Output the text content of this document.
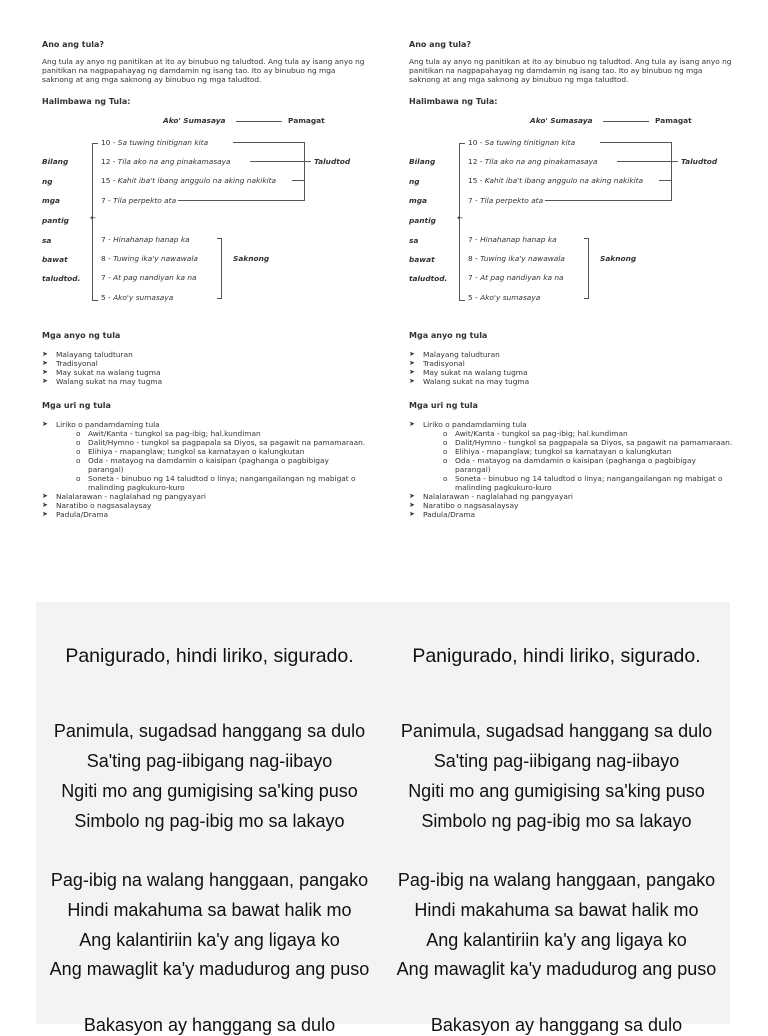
Ano ang tula?
Ang tula ay anyo ng panitikan at ito ay binubuo ng taludtod. Ang tula ay isang anyo ng
panitikan na nagpapahayag ng damdamin ng isang tao. Ito ay binubuo ng mga
saknong at ang mga saknong ay binubuo ng mga taludtod.
Halimbawa ng Tula:
Ako' Sumasaya	Pamagat
←
Bilang
ng
mga
pantig
sa
bawat
taludtod.
10 - Sa tuwing tinitignan kita
12 - Tila ako na ang pinakamasaya
15 - Kahit iba't ibang anggulo na aking nakikita
7 - Tila perpekto ata
7 - Hinahanap hanap ka
8 - Tuwing ika'y nawawala
7 - At pag nandiyan ka na
5 - Ako'y sumasaya
Taludtod
Saknong
Mga anyo ng tula
➤ Malayang taludturan
➤ Tradisyonal
➤ May sukat na walang tugma
➤ Walang sukat na may tugma
Mga uri ng tula
➤ Liriko o pandamdaming tula
o Awit/Kanta - tungkol sa pag-ibig; hal.kundiman
o Dalit/Hymno - tungkol sa pagpapala sa Diyos, sa pagawit na pamamaraan.
o Elihiya - mapanglaw; tungkol sa kamatayan o kalungkutan
o Oda - matayog na damdamin o kaisipan (paghanga o pagbibigay
parangal)
o Soneta - binubuo ng 14 taludtod o linya; nangangailangan ng mabigat o
malinding pagkukuro-kuro
➤ Nalalarawan - naglalahad ng pangyayari
➤ Naratibo o nagsasalaysay
➤ Padula/Drama
Ano ang tula?
Ang tula ay anyo ng panitikan at ito ay binubuo ng taludtod. Ang tula ay isang anyo ng
panitikan na nagpapahayag ng damdamin ng isang tao. Ito ay binubuo ng mga
saknong at ang mga saknong ay binubuo ng mga taludtod.
Halimbawa ng Tula:
Ako' Sumasaya	Pamagat
←
Bilang
ng
mga
pantig
sa
bawat
taludtod.
10 - Sa tuwing tinitignan kita
12 - Tila ako na ang pinakamasaya
15 - Kahit iba't ibang anggulo na aking nakikita
7 - Tila perpekto ata
7 - Hinahanap hanap ka
8 - Tuwing ika'y nawawala
7 - At pag nandiyan ka na
5 - Ako'y sumasaya
Taludtod
Saknong
Mga anyo ng tula
➤ Malayang taludturan
➤ Tradisyonal
➤ May sukat na walang tugma
➤ Walang sukat na may tugma
Mga uri ng tula
➤ Liriko o pandamdaming tula
o Awit/Kanta - tungkol sa pag-ibig; hal.kundiman
o Dalit/Hymno - tungkol sa pagpapala sa Diyos, sa pagawit na pamamaraan.
o Elihiya - mapanglaw; tungkol sa kamatayan o kalungkutan
o Oda - matayog na damdamin o kaisipan (paghanga o pagbibigay
parangal)
o Soneta - binubuo ng 14 taludtod o linya; nangangailangan ng mabigat o
malinding pagkukuro-kuro
➤ Nalalarawan - naglalahad ng pangyayari
➤ Naratibo o nagsasalaysay
➤ Padula/Drama
Panigurado, hindi liriko, sigurado.
Panimula, sugadsad hanggang sa dulo
Sa'ting pag-iibigang nag-iibayo
Ngiti mo ang gumigising sa'king puso
Simbolo ng pag-ibig mo sa lakayo
Pag-ibig na walang hanggaan, pangako
Hindi makahuma sa bawat halik mo
Ang kalantiriin ka'y ang ligaya ko
Ang mawaglit ka'y madudurog ang puso
Bakasyon ay hanggang sa dulo
Panigurado, hindi liriko, sigurado.
Panimula, sugadsad hanggang sa dulo
Sa'ting pag-iibigang nag-iibayo
Ngiti mo ang gumigising sa'king puso
Simbolo ng pag-ibig mo sa lakayo
Pag-ibig na walang hanggaan, pangako
Hindi makahuma sa bawat halik mo
Ang kalantiriin ka'y ang ligaya ko
Ang mawaglit ka'y madudurog ang puso
Bakasyon ay hanggang sa dulo
